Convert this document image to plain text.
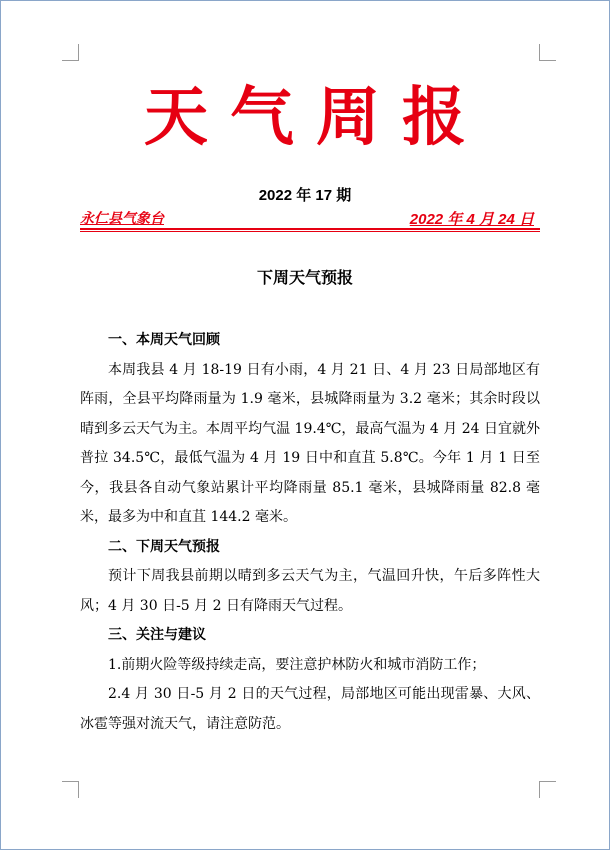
天气周报
2022 年 17 期
永仁县气象台	2022 年 4 月 24 日
下周天气预报
一、本周天气回顾

本周我县 4 月 18-19 日有小雨，4 月 21 日、4 月 23 日局部地区有阵雨，全县平均降雨量为 1.9 毫米，县城降雨量为 3.2 毫米；其余时段以晴到多云天气为主。本周平均气温 19.4℃，最高气温为 4 月 24 日宜就外普拉 34.5℃，最低气温为 4 月 19 日中和直苴 5.8℃。今年 1 月 1 日至今，我县各自动气象站累计平均降雨量 85.1 毫米，县城降雨量 82.8 毫米，最多为中和直苴 144.2 毫米。

二、下周天气预报

预计下周我县前期以晴到多云天气为主，气温回升快，午后多阵性大风；4 月 30 日-5 月 2 日有降雨天气过程。

三、关注与建议

1.前期火险等级持续走高，要注意护林防火和城市消防工作；

2.4 月 30 日-5 月 2 日的天气过程，局部地区可能出现雷暴、大风、冰雹等强对流天气，请注意防范。
